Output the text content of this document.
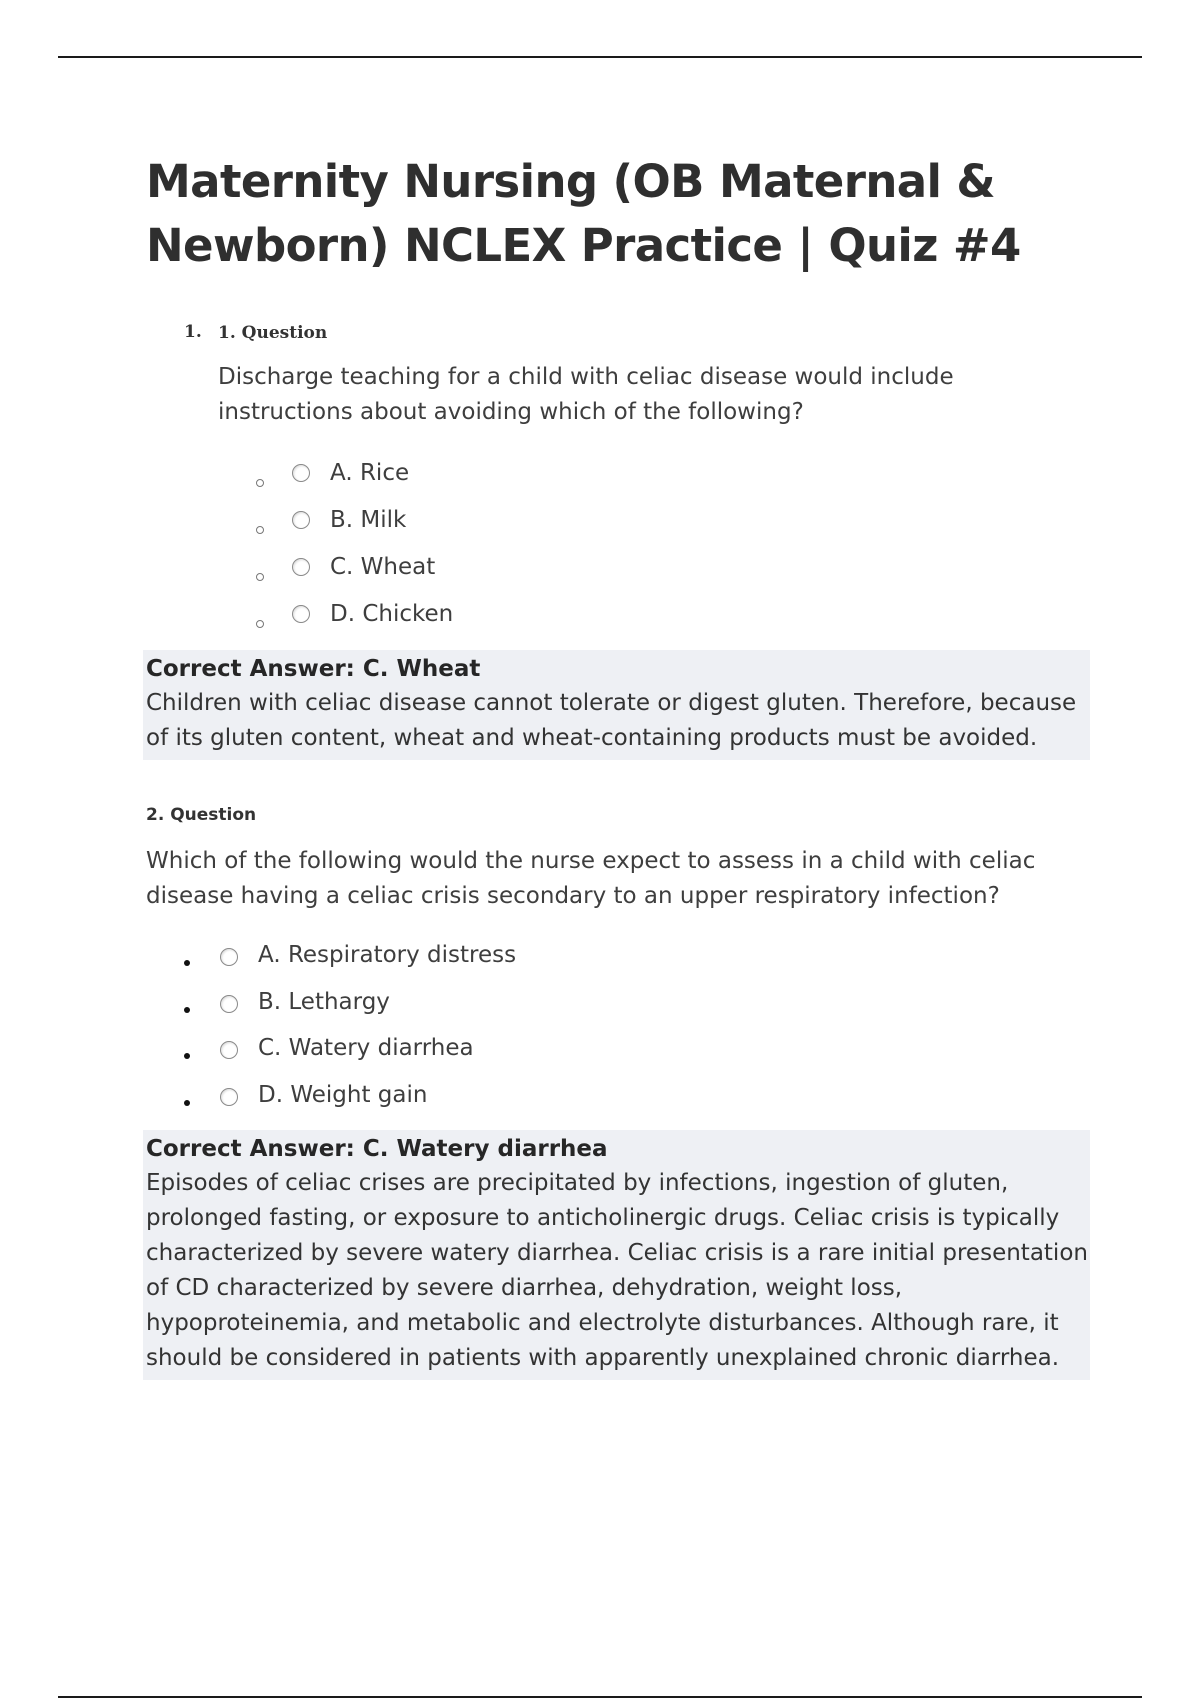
Maternity Nursing (OB Maternal & Newborn) NCLEX Practice | Quiz #4
1. 1. Question
Discharge teaching for a child with celiac disease would include instructions about avoiding which of the following?
A. Rice
B. Milk
C. Wheat
D. Chicken
Correct Answer: C. Wheat
Children with celiac disease cannot tolerate or digest gluten. Therefore, because of its gluten content, wheat and wheat-containing products must be avoided.
2. Question
Which of the following would the nurse expect to assess in a child with celiac disease having a celiac crisis secondary to an upper respiratory infection?
A. Respiratory distress
B. Lethargy
C. Watery diarrhea
D. Weight gain
Correct Answer: C. Watery diarrhea
Episodes of celiac crises are precipitated by infections, ingestion of gluten, prolonged fasting, or exposure to anticholinergic drugs. Celiac crisis is typically characterized by severe watery diarrhea. Celiac crisis is a rare initial presentation of CD characterized by severe diarrhea, dehydration, weight loss, hypoproteinemia, and metabolic and electrolyte disturbances. Although rare, it should be considered in patients with apparently unexplained chronic diarrhea.
